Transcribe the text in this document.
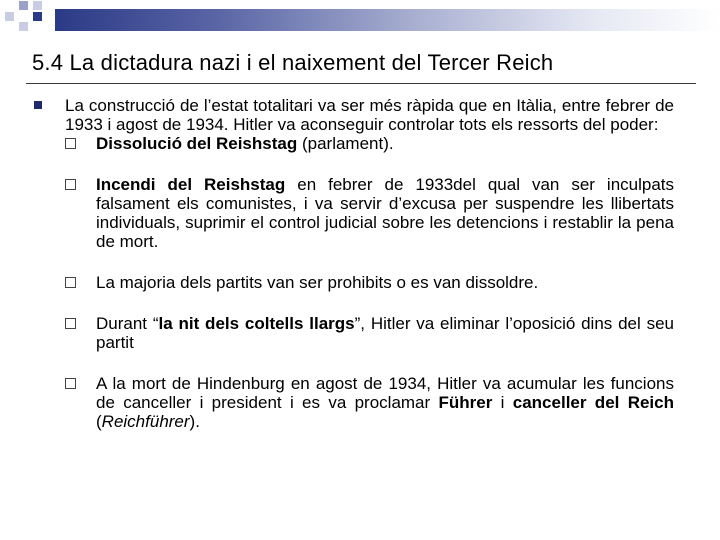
5.4 La dictadura nazi i el naixement del Tercer Reich
La construcció de l’estat totalitari va ser més ràpida que en Itàlia, entre febrer de 1933 i agost de 1934. Hitler va aconseguir controlar tots els ressorts del poder:
Dissolució del Reishstag (parlament).
Incendi del Reishstag en febrer de 1933del qual van ser inculpats falsament els comunistes, i va servir d’excusa per suspendre les llibertats individuals, suprimir el control judicial sobre les detencions i restablir la pena de mort.
La majoria dels partits van ser prohibits o es van dissoldre.
Durant “la nit dels coltells llargs”, Hitler va eliminar l’oposició dins del seu partit
A la mort de Hindenburg en agost de 1934, Hitler va acumular les funcions de canceller i president i es va proclamar Führer i canceller del Reich (Reichführer).
